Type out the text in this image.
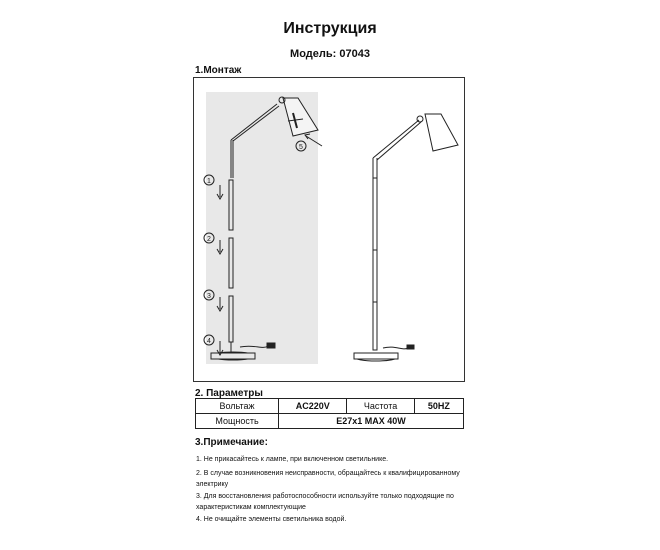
Инструкция
Модель: 07043
1.Монтаж
1
2
3
4
5
2. Параметры
Вольтаж	AC220V	Частота	50HZ
Мощность	E27x1 MAX 40W		
3.Примечание:
1. Не прикасайтесь к лампе, при включенном светильнике.
2. В случае возникновения неисправности, обращайтесь к квалифицированному электрику
3. Для восстановления работоспособности используйте только подходящие по характеристикам комплектующие
4. Не очищайте элементы светильника водой.
